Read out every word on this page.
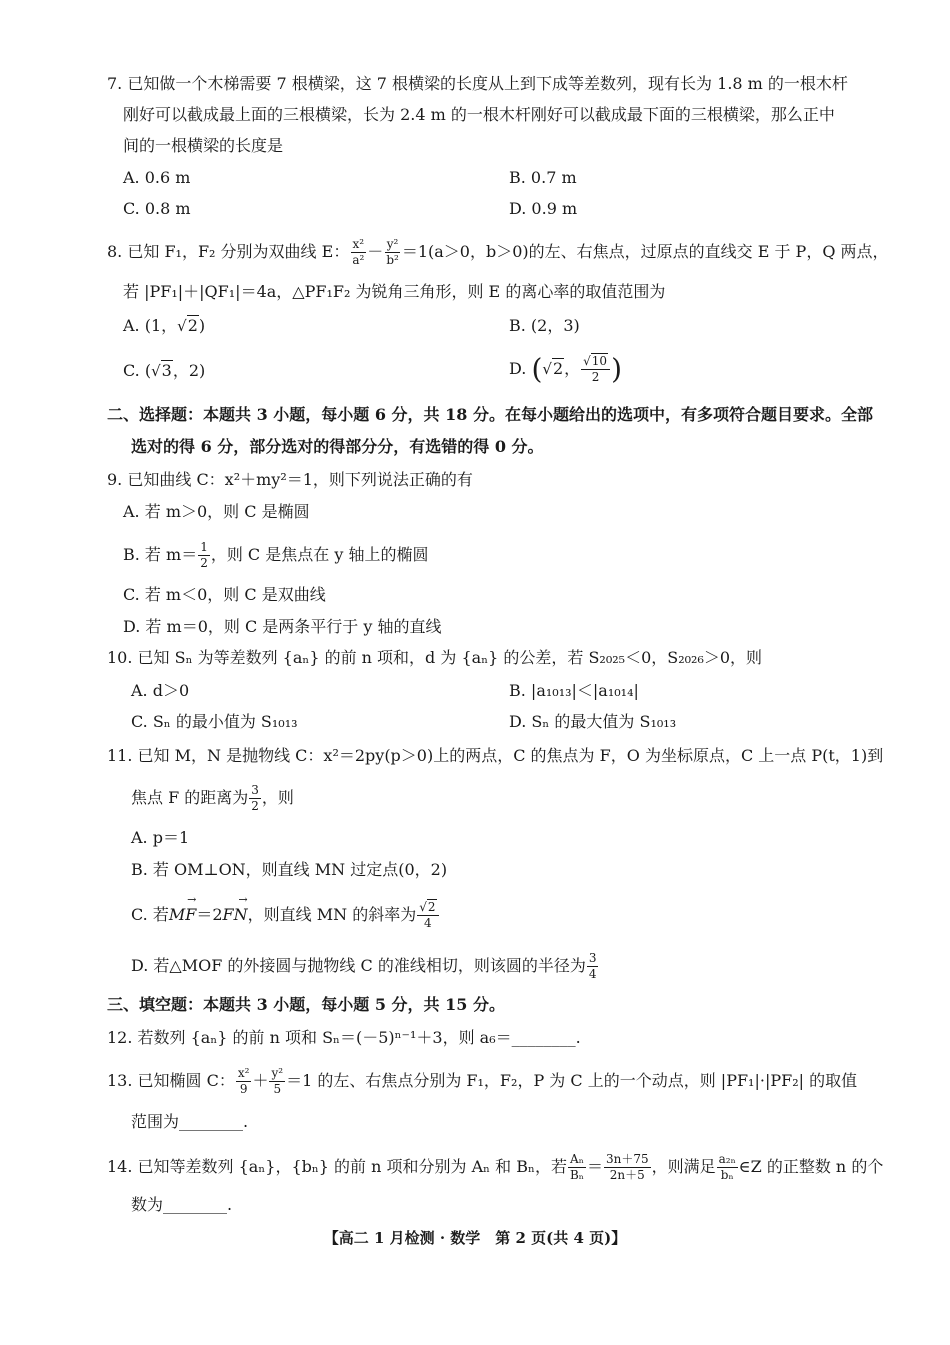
7. 已知做一个木梯需要 7 根横梁，这 7 根横梁的长度从上到下成等差数列，现有长为 1.8 m 的一根木杆
刚好可以截成最上面的三根横梁，长为 2.4 m 的一根木杆刚好可以截成最下面的三根横梁，那么正中
间的一根横梁的长度是
A. 0.6 m	B. 0.7 m
C. 0.8 m	D. 0.9 m
8. 已知 F₁，F₂ 分别为双曲线 E： $\frac{\text{x²}}{\text{a²}} - \frac{\text{y²}}{\text{b²}} =1(a>0$，b＞0)的左、右焦点，过原点的直线交 E 于 P，Q 两点，
若 |PF₁|＋|QF₁|＝4a，△PF₁F₂ 为锐角三角形，则 E 的离心率的取值范围为
A. (1，√2)	B. (2，3)
C. (√3，2)	D. (√2， $\frac{√10}{2}$ )
二、选择题：本题共 3 小题，每小题 6 分，共 18 分。在每小题给出的选项中，有多项符合题目要求。全部
选对的得 6 分，部分选对的得部分分，有选错的得 0 分。
9. 已知曲线 C：x²＋my²＝1，则下列说法正确的有
A. 若 m＞0，则 C 是椭圆
B. 若 $m= \frac{1}{2}$ ，则 C 是焦点在 y 轴上的椭圆
C. 若 m＜0，则 C 是双曲线
D. 若 m＝0，则 C 是两条平行于 y 轴的直线
10. 已知 Sₙ 为等差数列 {aₙ} 的前 n 项和，d 为 {aₙ} 的公差，若 S₂₀₂₅＜0，S₂₀₂₆＞0，则
A. d＞0	B. |a₁₀₁₃|＜|a₁₀₁₄|
C. Sₙ 的最小值为 S₁₀₁₃	D. Sₙ 的最大值为 S₁₀₁₃
11. 已知 M，N 是抛物线 C：x²＝2py(p＞0)上的两点，C 的焦点为 F，O 为坐标原点，C 上一点 P(t，1)到
焦点 F 的距离为 $\frac{3}{2}$ ，则
A. p＝1
B. 若 OM⊥ON，则直线 MN 过定点(0，2)
C. 若
→
MF＝2
→
FN，则直线 MN 的斜率为 $\frac{√2}{4}$
D. 若△MOF 的外接圆与抛物线 C 的准线相切，则该圆的半径为 $\frac{3}{4}$
三、填空题：本题共 3 小题，每小题 5 分，共 15 分。
12. 若数列 {aₙ} 的前 n 项和 Sₙ＝(－5)ⁿ⁻¹＋3，则 a₆＝________.
13. 已知椭圆 C： $\frac{\text{x²}}{9} + \frac{\text{y²}}{5} =1$ 的左、右焦点分别为 F₁，F₂，P 为 C 上的一个动点，则 |PF₁|·|PF₂| 的取值
范围为________.
14. 已知等差数列 {aₙ}，{bₙ} 的前 n 项和分别为 Aₙ 和 Bₙ，若 $\frac{\text{Aₙ}}{\text{Bₙ}} = \frac{3n+75}{2n+5}$ ，则满足 $\frac{\text{a₂ₙ}}{\text{bₙ}}$ ∈Z 的正整数 n 的个
数为________.
【高二 1 月检测 · 数学　第 2 页(共 4 页)】
